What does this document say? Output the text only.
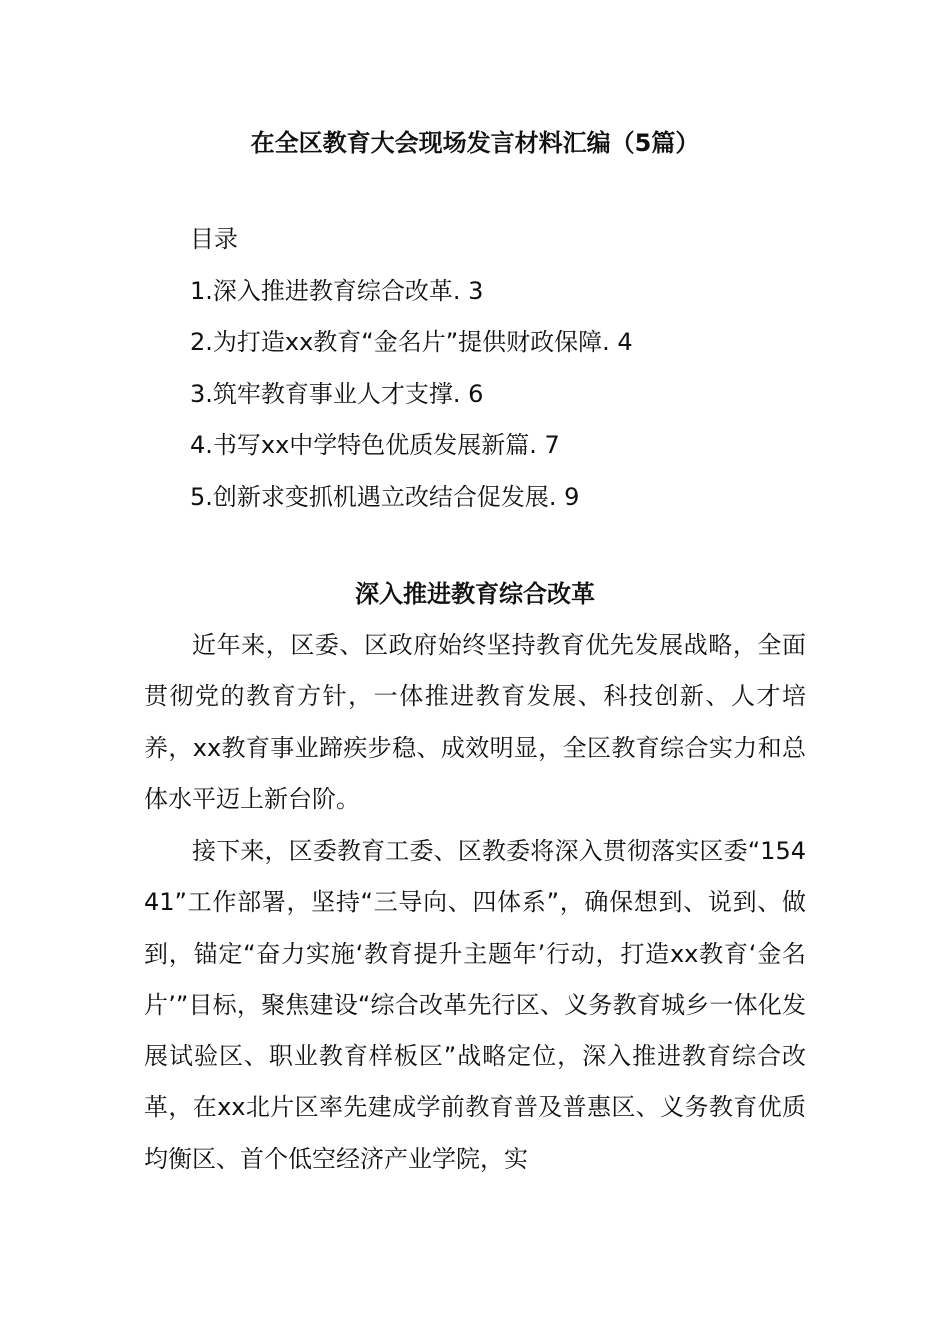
在全区教育大会现场发言材料汇编（5篇）
目录
1.深入推进教育综合改革. 3
2.为打造xx教育“金名片”提供财政保障. 4
3.筑牢教育事业人才支撑. 6
4.书写xx中学特色优质发展新篇. 7
5.创新求变抓机遇立改结合促发展. 9
深入推进教育综合改革

近年来，区委、区政府始终坚持教育优先发展战略，全面贯彻党的教育方针，一体推进教育发展、科技创新、人才培养，xx教育事业蹄疾步稳、成效明显，全区教育综合实力和总体水平迈上新台阶。

接下来，区委教育工委、区教委将深入贯彻落实区委“15441”工作部署，坚持“三导向、四体系”，确保想到、说到、做到，锚定“奋力实施‘教育提升主题年’行动，打造xx教育‘金名片’”目标，聚焦建设“综合改革先行区、义务教育城乡一体化发展试验区、职业教育样板区”战略定位，深入推进教育综合改革，在xx北片区率先建成学前教育普及普惠区、义务教育优质均衡区、首个低空经济产业学院，实
